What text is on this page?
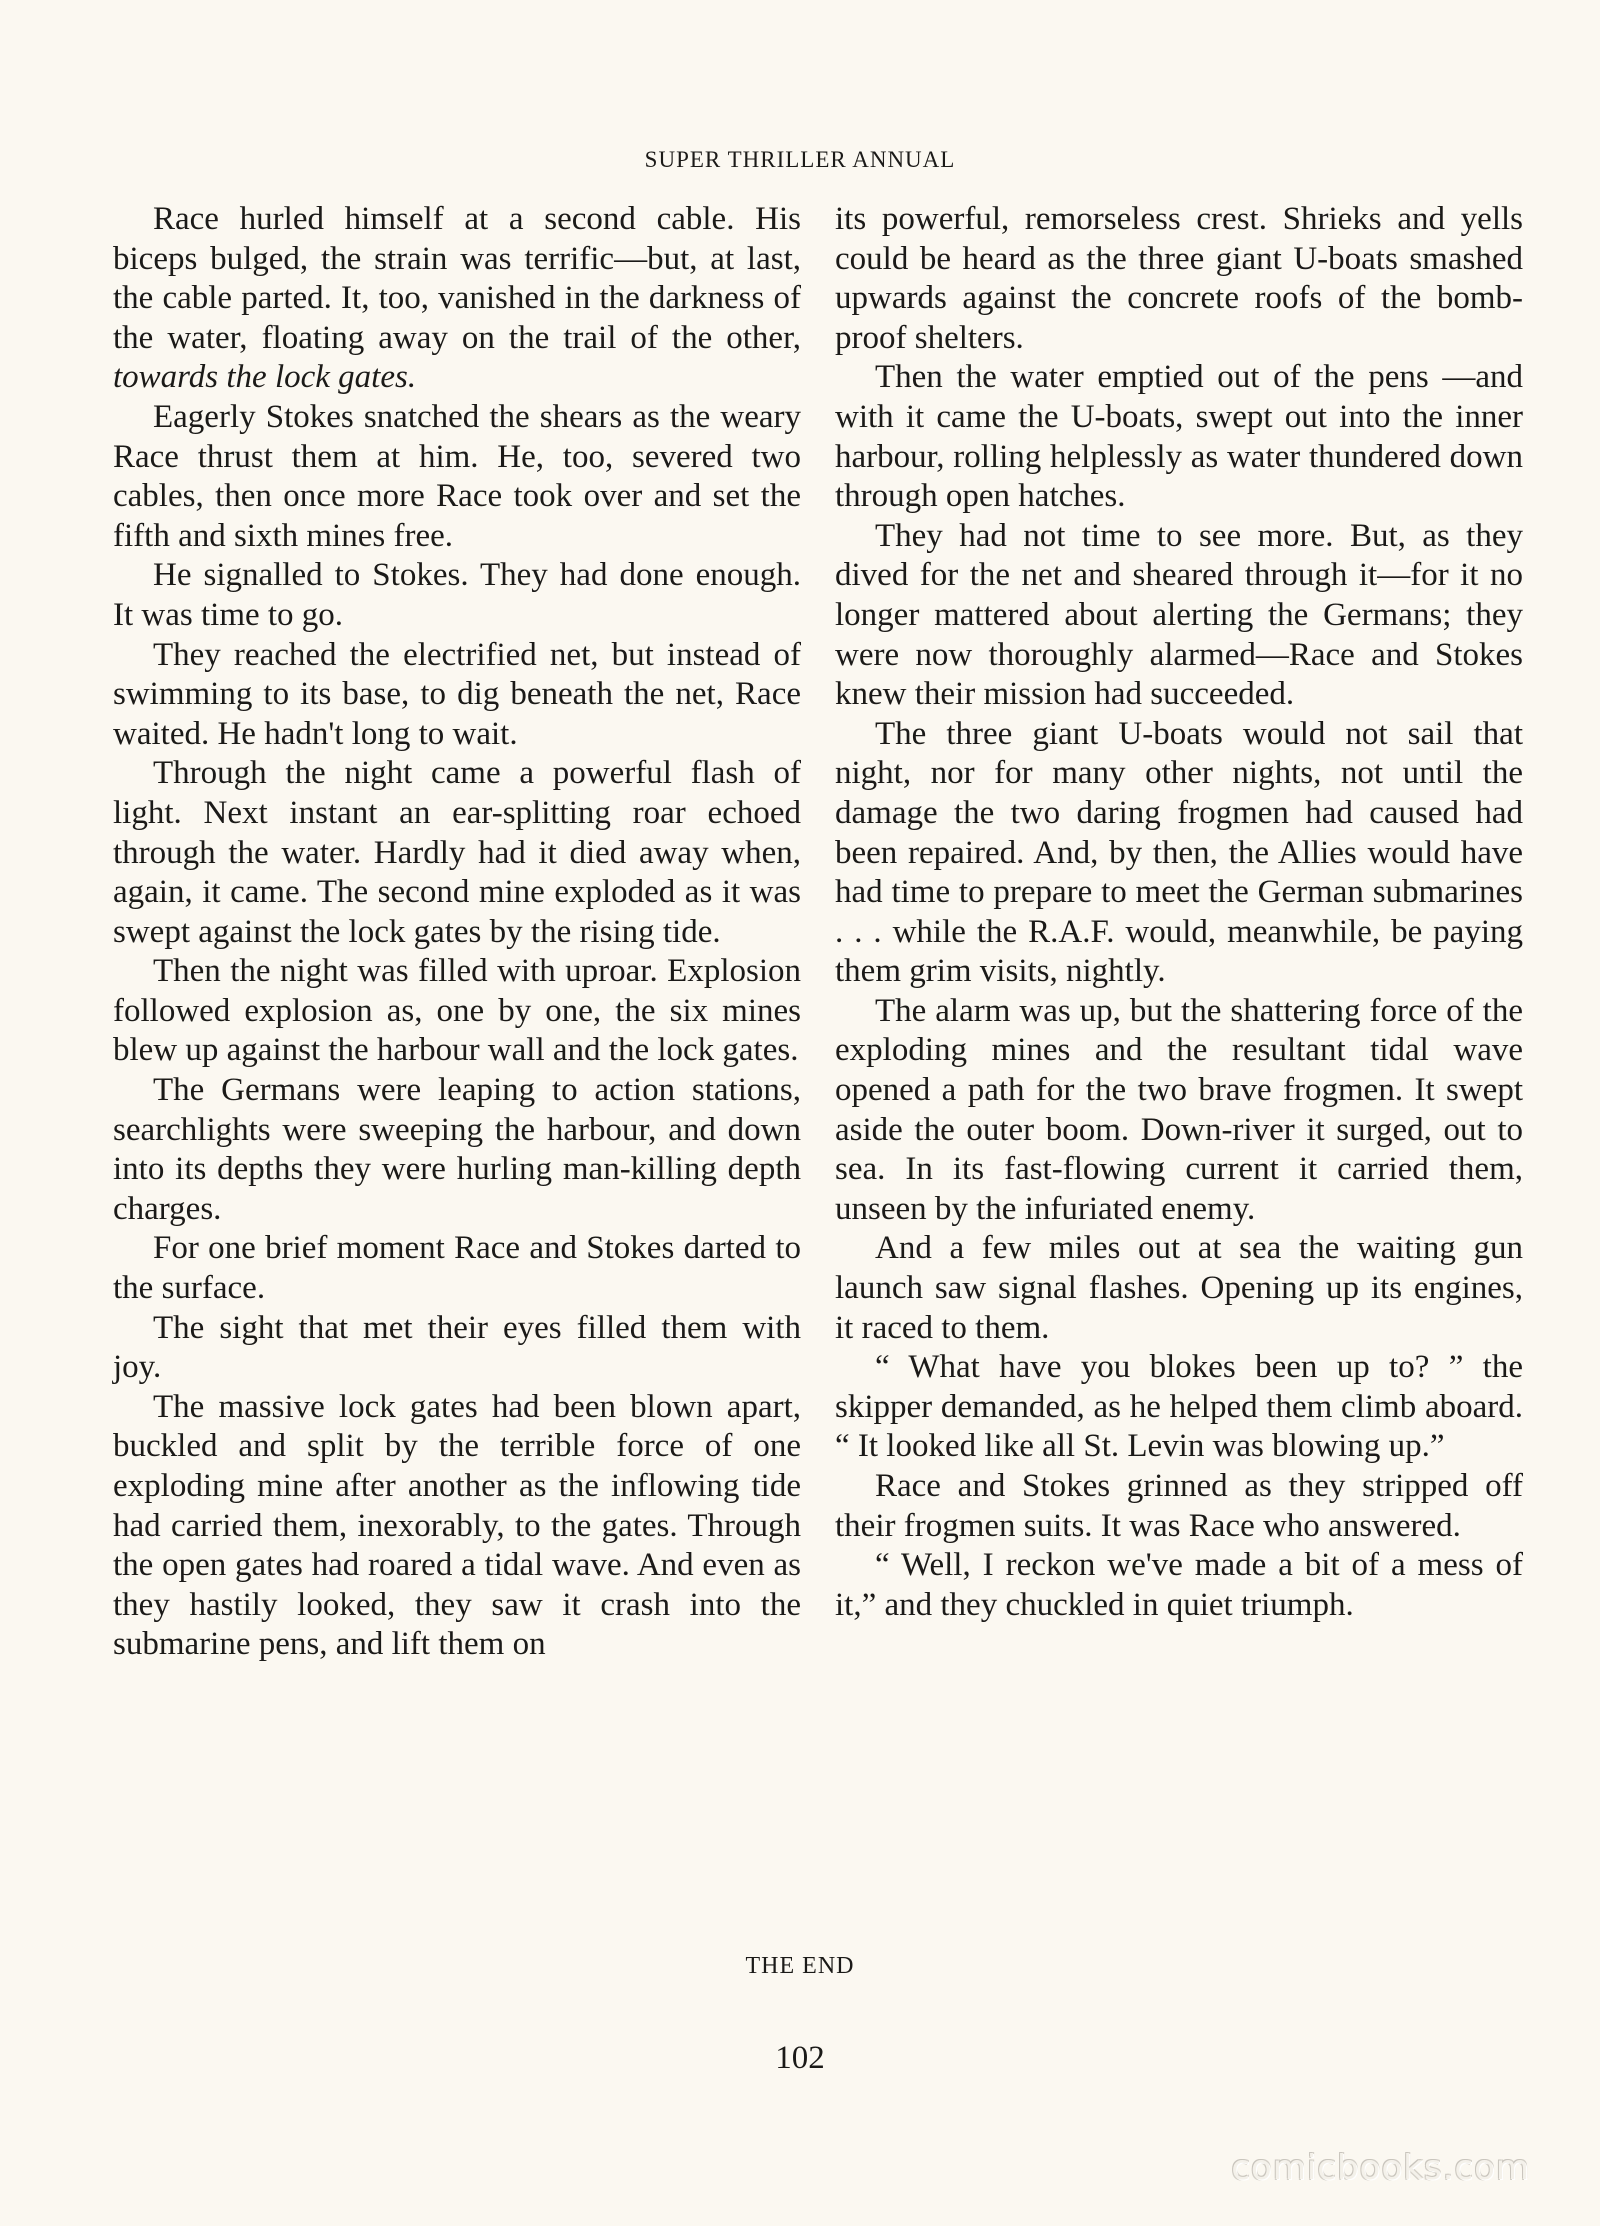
SUPER THRILLER ANNUAL

Race hurled himself at a second cable. His biceps bulged, the strain was terrific—but, at last, the cable parted. It, too, vanished in the darkness of the water, floating away on the trail of the other, towards the lock gates.

Eagerly Stokes snatched the shears as the weary Race thrust them at him. He, too, severed two cables, then once more Race took over and set the fifth and sixth mines free.

He signalled to Stokes. They had done enough. It was time to go.

They reached the electrified net, but instead of swimming to its base, to dig beneath the net, Race waited. He hadn't long to wait.

Through the night came a powerful flash of light. Next instant an ear-splitting roar echoed through the water. Hardly had it died away when, again, it came. The second mine exploded as it was swept against the lock gates by the rising tide.

Then the night was filled with uproar. Explosion followed explosion as, one by one, the six mines blew up against the harbour wall and the lock gates.

The Germans were leaping to action stations, searchlights were sweeping the harbour, and down into its depths they were hurling man-killing depth charges.

For one brief moment Race and Stokes darted to the surface.

The sight that met their eyes filled them with joy.

The massive lock gates had been blown apart, buckled and split by the terrible force of one exploding mine after another as the inflowing tide had carried them, inexorably, to the gates. Through the open gates had roared a tidal wave. And even as they hastily looked, they saw it crash into the submarine pens, and lift them on

its powerful, remorseless crest. Shrieks and yells could be heard as the three giant U-boats smashed upwards against the concrete roofs of the bomb-proof shelters.

Then the water emptied out of the pens —and with it came the U-boats, swept out into the inner harbour, rolling helplessly as water thundered down through open hatches.

They had not time to see more. But, as they dived for the net and sheared through it—for it no longer mattered about alerting the Germans; they were now thoroughly alarmed—Race and Stokes knew their mission had succeeded.

The three giant U-boats would not sail that night, nor for many other nights, not until the damage the two daring frogmen had caused had been repaired. And, by then, the Allies would have had time to prepare to meet the German submarines . . . while the R.A.F. would, meanwhile, be paying them grim visits, nightly.

The alarm was up, but the shattering force of the exploding mines and the resultant tidal wave opened a path for the two brave frogmen. It swept aside the outer boom. Down-river it surged, out to sea. In its fast-flowing current it carried them, unseen by the infuriated enemy.

And a few miles out at sea the waiting gun launch saw signal flashes. Opening up its engines, it raced to them.

“ What have you blokes been up to? ” the skipper demanded, as he helped them climb aboard. “ It looked like all St. Levin was blowing up.”

Race and Stokes grinned as they stripped off their frogmen suits. It was Race who answered.

“ Well, I reckon we've made a bit of a mess of it,” and they chuckled in quiet triumph.

THE END
102
comicbooks.com
